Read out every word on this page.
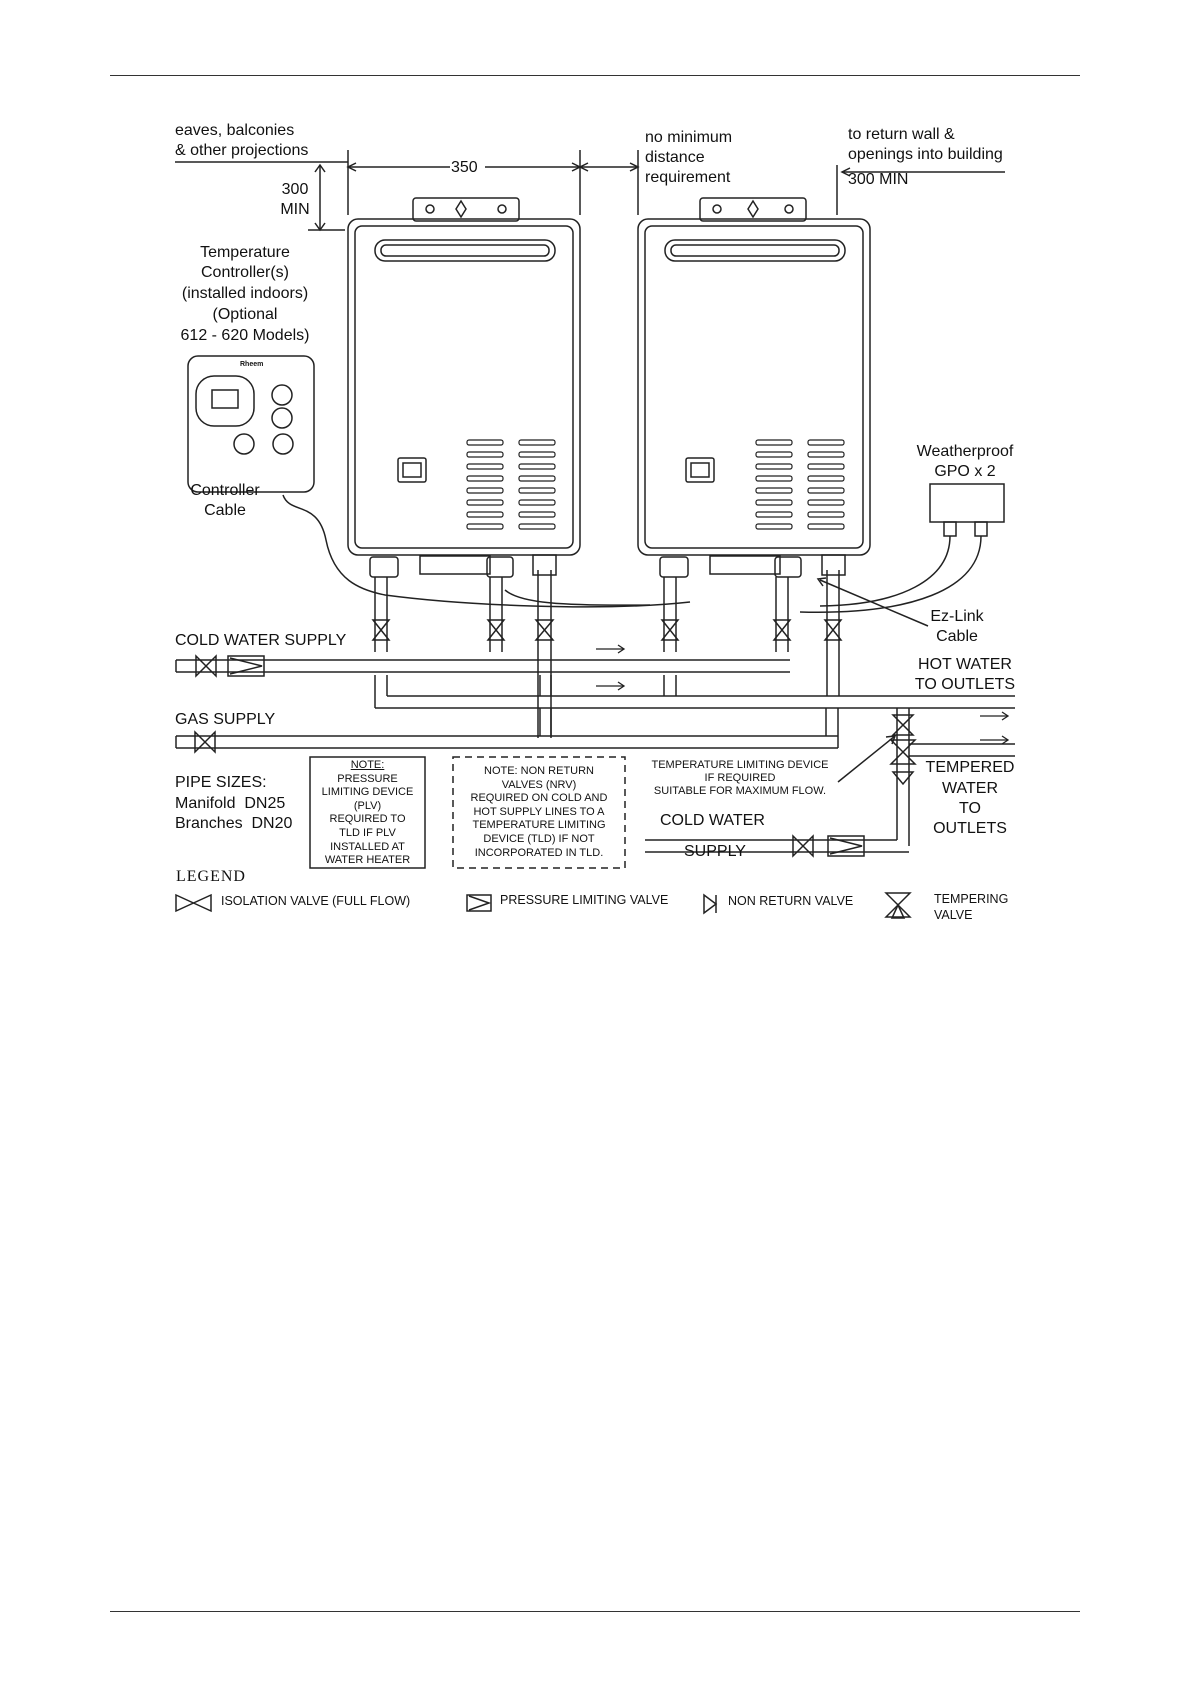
eaves, balconies
& other projections
350
300
MIN
no minimum
distance
requirement
to return wall &
openings into building
300 MIN
Temperature
Controller(s)
(installed indoors)
(Optional
612 - 620 Models)
Rheem
Controller
Cable
Weatherproof
GPO x 2
Ez-Link
Cable
COLD WATER SUPPLY
HOT WATER
TO OUTLETS
GAS SUPPLY
PIPE SIZES:
Manifold  DN25
Branches  DN20
NOTE:
PRESSURE
LIMITING DEVICE
(PLV)
REQUIRED TO
TLD IF PLV
INSTALLED AT
WATER HEATER
NOTE: NON RETURN
VALVES (NRV)
REQUIRED ON COLD AND
HOT SUPPLY LINES TO A
TEMPERATURE LIMITING
DEVICE (TLD) IF NOT
INCORPORATED IN TLD.
TEMPERATURE LIMITING DEVICE
IF REQUIRED
SUITABLE FOR MAXIMUM FLOW.
TEMPERED
WATER
TO
OUTLETS
COLD WATER
SUPPLY
LEGEND
ISOLATION VALVE (FULL FLOW)	PRESSURE LIMITING VALVE	NON RETURN VALVE	TEMPERING
VALVE
